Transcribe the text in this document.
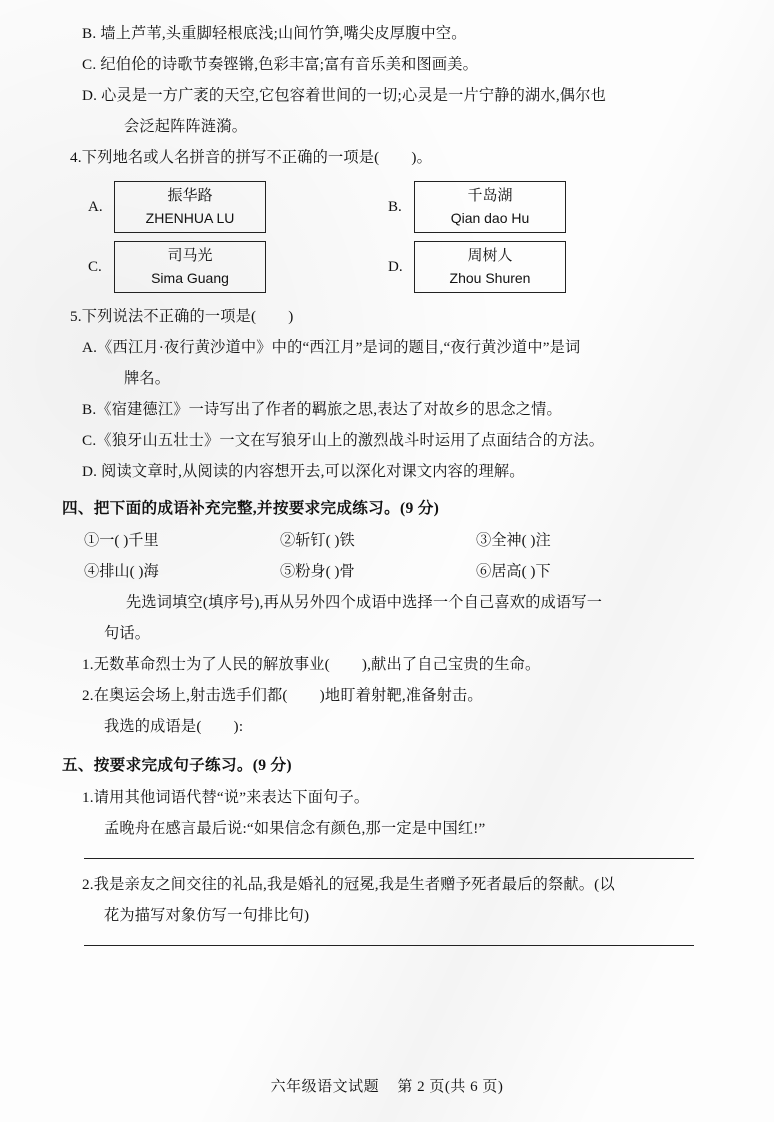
B. 墙上芦苇,头重脚轻根底浅;山间竹笋,嘴尖皮厚腹中空。
C. 纪伯伦的诗歌节奏铿锵,色彩丰富;富有音乐美和图画美。
D. 心灵是一方广袤的天空,它包容着世间的一切;心灵是一片宁静的湖水,偶尔也
会泛起阵阵涟漪。
4.下列地名或人名拼音的拼写不正确的一项是(        )。
A.
振华路
ZHENHUA LU
B.
千岛湖
Qian dao Hu
C.
司马光
Sima Guang
D.
周树人
Zhou Shuren
5.下列说法不正确的一项是(        )
A.《西江月·夜行黄沙道中》中的“西江月”是词的题目,“夜行黄沙道中”是词
牌名。
B.《宿建德江》一诗写出了作者的羁旅之思,表达了对故乡的思念之情。
C.《狼牙山五壮士》一文在写狼牙山上的激烈战斗时运用了点面结合的方法。
D. 阅读文章时,从阅读的内容想开去,可以深化对课文内容的理解。
四、把下面的成语补充完整,并按要求完成练习。(9 分)
①一( )千里	②斩钉( )铁	③全神( )注
④排山( )海	⑤粉身( )骨	⑥居高( )下
先选词填空(填序号),再从另外四个成语中选择一个自己喜欢的成语写一
句话。
1.无数革命烈士为了人民的解放事业(        ),献出了自己宝贵的生命。
2.在奥运会场上,射击选手们都(        )地盯着射靶,准备射击。
我选的成语是(        ):
五、按要求完成句子练习。(9 分)
1.请用其他词语代替“说”来表达下面句子。
孟晚舟在感言最后说:“如果信念有颜色,那一定是中国红!”
2.我是亲友之间交往的礼品,我是婚礼的冠冕,我是生者赠予死者最后的祭献。(以
花为描写对象仿写一句排比句)
六年级语文试题 第 2 页(共 6 页)
